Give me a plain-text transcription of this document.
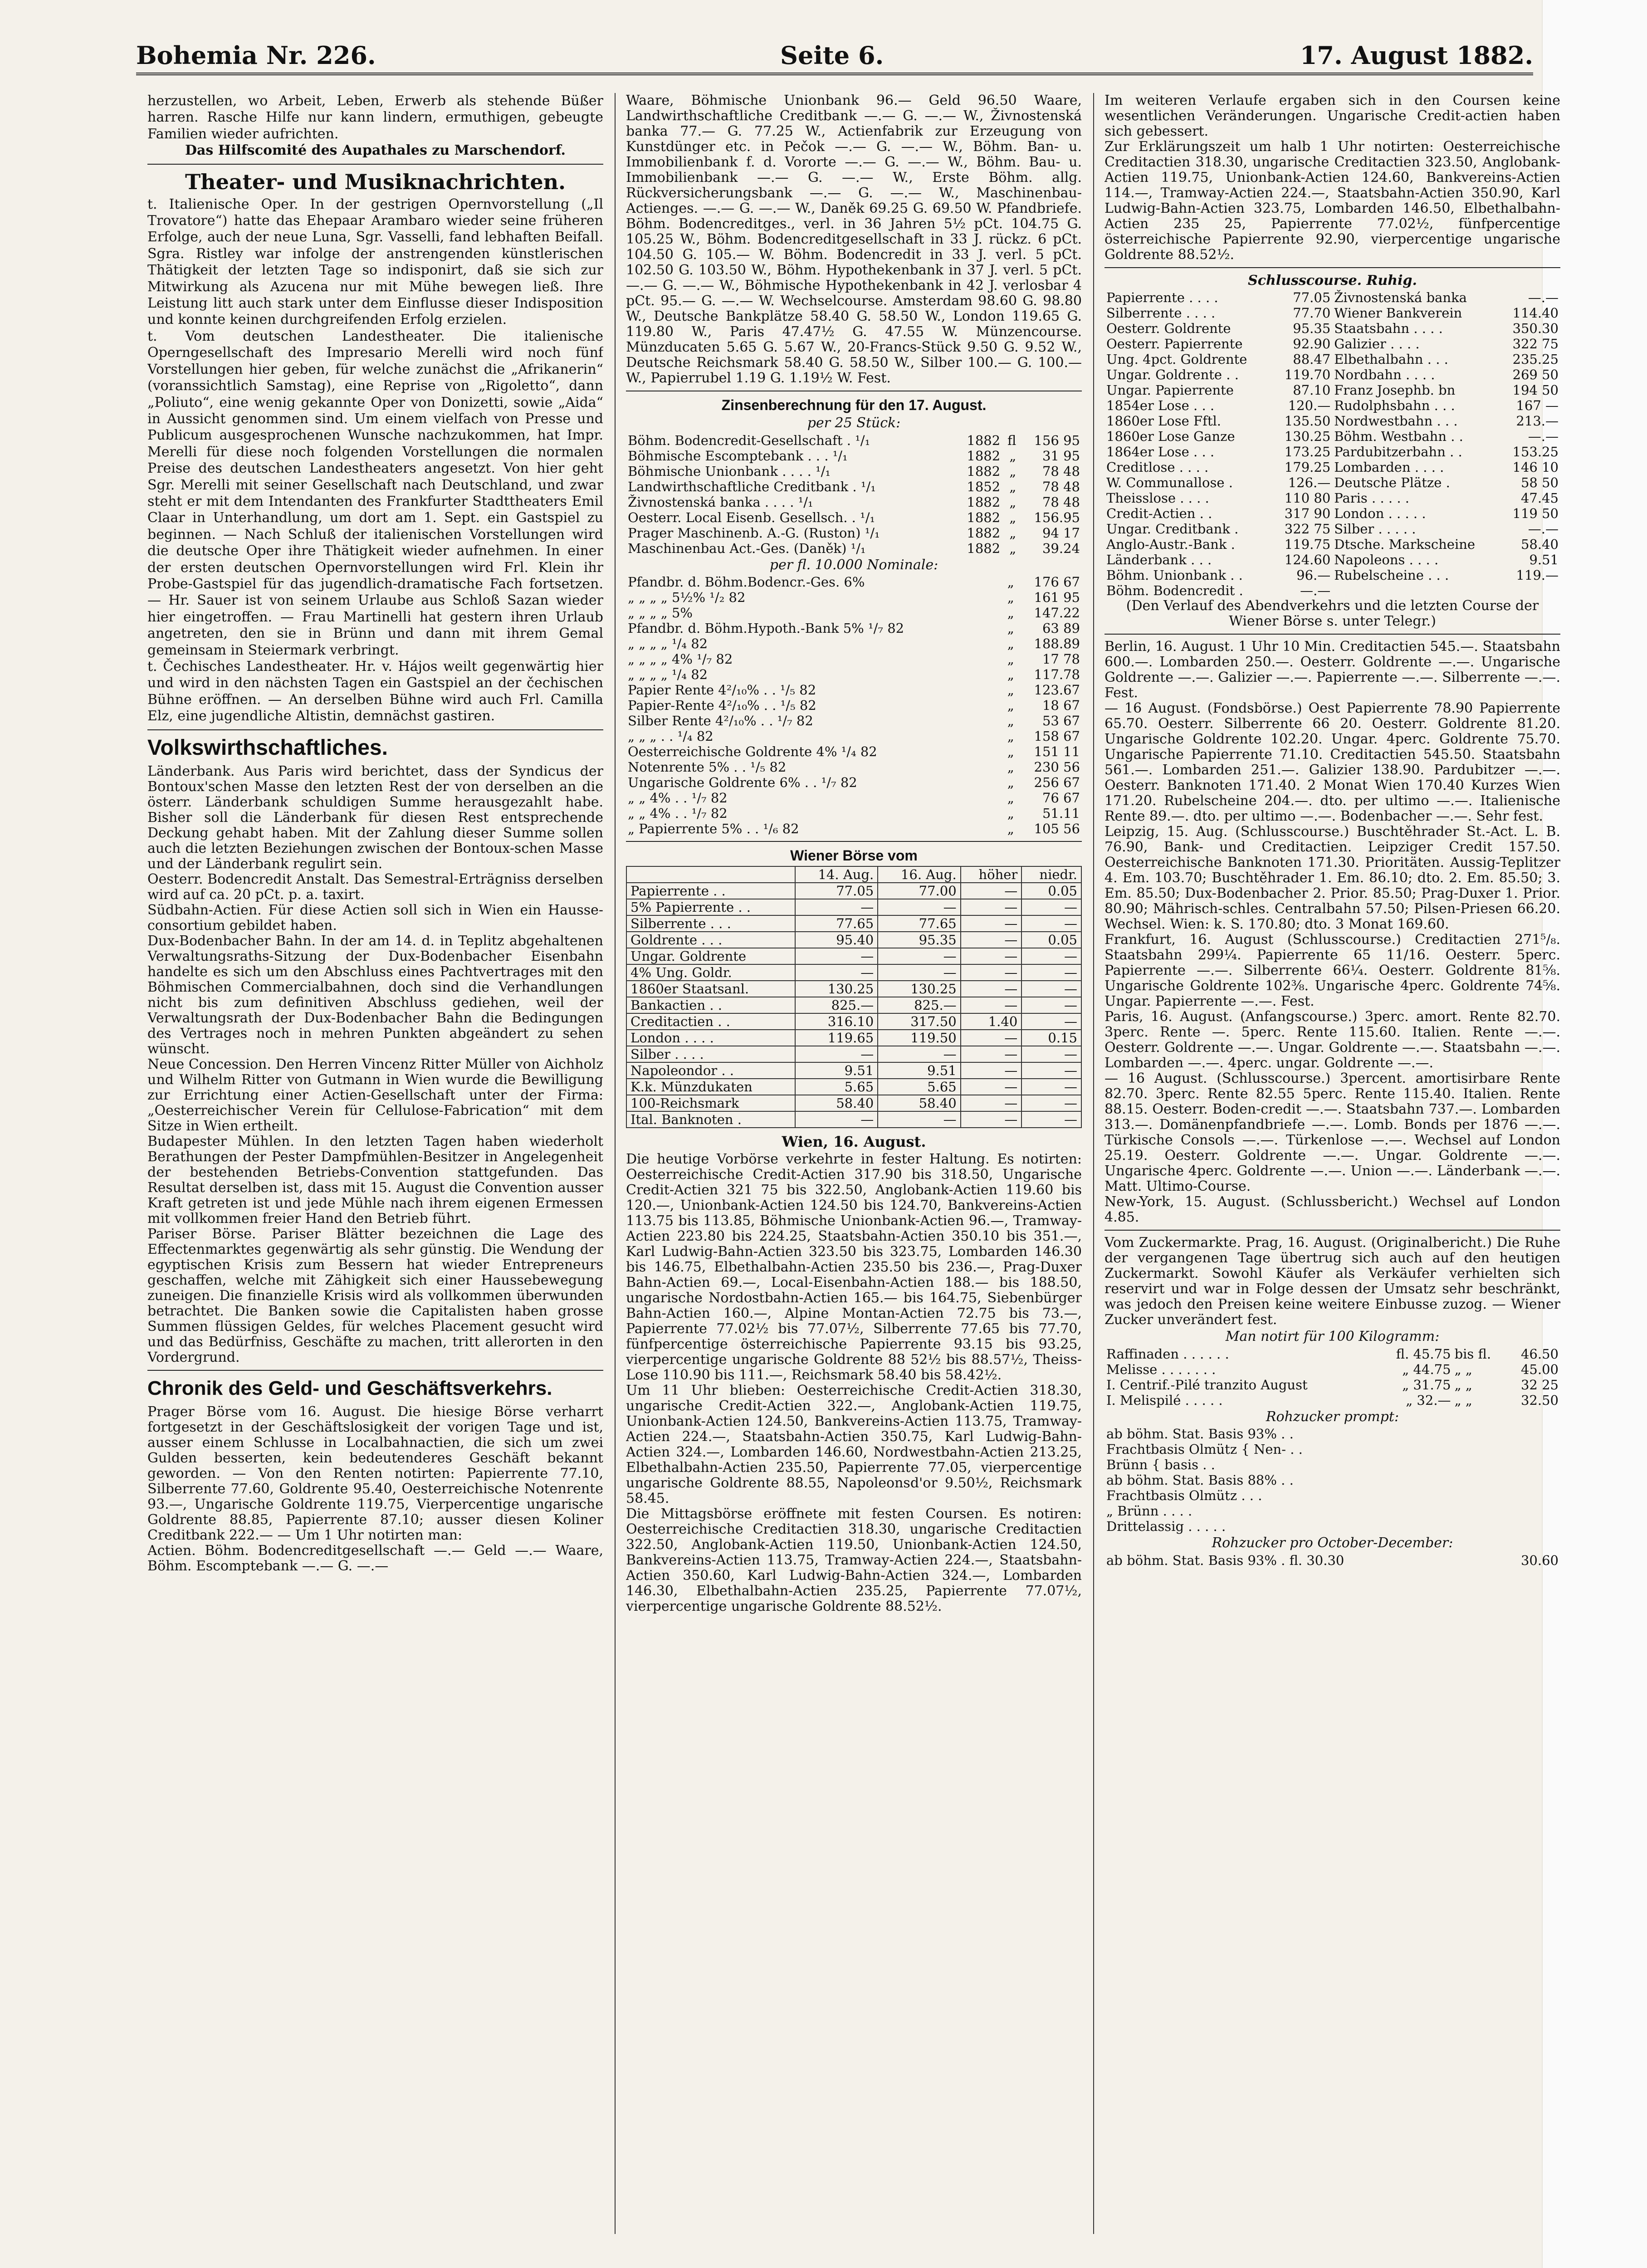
Bohemia Nr. 226.	Seite 6.	17. August 1882.

herzustellen, wo Arbeit, Leben, Erwerb als stehende Büßer harren. Rasche Hilfe nur kann lindern, ermuthigen, gebeugte Familien wieder aufrichten.

Das Hilfscomité des Aupathales zu Marschendorf.

Theater- und Musiknachrichten.

t. Italienische Oper. In der gestrigen Opernvorstellung („Il Trovatore“) hatte das Ehepaar Arambaro wieder seine früheren Erfolge, auch der neue Luna, Sgr. Vasselli, fand lebhaften Beifall. Sgra. Ristley war infolge der anstrengenden künstlerischen Thätigkeit der letzten Tage so indisponirt, daß sie sich zur Mitwirkung als Azucena nur mit Mühe bewegen ließ. Ihre Leistung litt auch stark unter dem Einflusse dieser Indisposition und konnte keinen durchgreifenden Erfolg erzielen.

t. Vom deutschen Landestheater. Die italienische Operngesellschaft des Impresario Merelli wird noch fünf Vorstellungen hier geben, für welche zunächst die „Afrikanerin“ (voranssichtlich Samstag), eine Reprise von „Rigoletto“, dann „Poliuto“, eine wenig gekannte Oper von Donizetti, sowie „Aida“ in Aussicht genommen sind. Um einem vielfach von Presse und Publicum ausgesprochenen Wunsche nachzukommen, hat Impr. Merelli für diese noch folgenden Vorstellungen die normalen Preise des deutschen Landestheaters angesetzt. Von hier geht Sgr. Merelli mit seiner Gesellschaft nach Deutschland, und zwar steht er mit dem Intendanten des Frankfurter Stadttheaters Emil Claar in Unterhandlung, um dort am 1. Sept. ein Gastspiel zu beginnen. — Nach Schluß der italienischen Vorstellungen wird die deutsche Oper ihre Thätigkeit wieder aufnehmen. In einer der ersten deutschen Opernvorstellungen wird Frl. Klein ihr Probe-Gastspiel für das jugendlich-dramatische Fach fortsetzen. — Hr. Sauer ist von seinem Urlaube aus Schloß Sazan wieder hier eingetroffen. — Frau Martinelli hat gestern ihren Urlaub angetreten, den sie in Brünn und dann mit ihrem Gemal gemeinsam in Steiermark verbringt.

t. Čechisches Landestheater. Hr. v. Hájos weilt gegenwärtig hier und wird in den nächsten Tagen ein Gastspiel an der čechischen Bühne eröffnen. — An derselben Bühne wird auch Frl. Camilla Elz, eine jugendliche Altistin, demnächst gastiren.

Volkswirthschaftliches.

Länderbank. Aus Paris wird berichtet, dass der Syndicus der Bontoux'schen Masse den letzten Rest der von derselben an die österr. Länderbank schuldigen Summe herausgezahlt habe. Bisher soll die Länderbank für diesen Rest entsprechende Deckung gehabt haben. Mit der Zahlung dieser Summe sollen auch die letzten Beziehungen zwischen der Bontoux-schen Masse und der Länderbank regulirt sein.

Oesterr. Bodencredit Anstalt. Das Semestral-Erträgniss derselben wird auf ca. 20 pCt. p. a. taxirt.

Südbahn-Actien. Für diese Actien soll sich in Wien ein Hausse-consortium gebildet haben.

Dux-Bodenbacher Bahn. In der am 14. d. in Teplitz abgehaltenen Verwaltungsraths-Sitzung der Dux-Bodenbacher Eisenbahn handelte es sich um den Abschluss eines Pachtvertrages mit den Böhmischen Commercialbahnen, doch sind die Verhandlungen nicht bis zum definitiven Abschluss gediehen, weil der Verwaltungsrath der Dux-Bodenbacher Bahn die Bedingungen des Vertrages noch in mehren Punkten abgeändert zu sehen wünscht.

Neue Concession. Den Herren Vincenz Ritter Müller von Aichholz und Wilhelm Ritter von Gutmann in Wien wurde die Bewilligung zur Errichtung einer Actien-Gesellschaft unter der Firma: „Oesterreichischer Verein für Cellulose-Fabrication“ mit dem Sitze in Wien ertheilt.

Budapester Mühlen. In den letzten Tagen haben wiederholt Berathungen der Pester Dampfmühlen-Besitzer in Angelegenheit der bestehenden Betriebs-Convention stattgefunden. Das Resultat derselben ist, dass mit 15. August die Convention ausser Kraft getreten ist und jede Mühle nach ihrem eigenen Ermessen mit vollkommen freier Hand den Betrieb führt.

Pariser Börse. Pariser Blätter bezeichnen die Lage des Effectenmarktes gegenwärtig als sehr günstig. Die Wendung der egyptischen Krisis zum Bessern hat wieder Entrepreneurs geschaffen, welche mit Zähigkeit sich einer Haussebewegung zuneigen. Die finanzielle Krisis wird als vollkommen überwunden betrachtet. Die Banken sowie die Capitalisten haben grosse Summen flüssigen Geldes, für welches Placement gesucht wird und das Bedürfniss, Geschäfte zu machen, tritt allerorten in den Vordergrund.

Chronik des Geld- und Geschäftsverkehrs.

Prager Börse vom 16. August. Die hiesige Börse verharrt fortgesetzt in der Geschäftslosigkeit der vorigen Tage und ist, ausser einem Schlusse in Localbahnactien, die sich um zwei Gulden besserten, kein bedeutenderes Geschäft bekannt geworden. — Von den Renten notirten: Papierrente 77.10, Silberrente 77.60, Goldrente 95.40, Oesterreichische Notenrente 93.—, Ungarische Goldrente 119.75, Vierpercentige ungarische Goldrente 88.85, Papierrente 87.10; ausser diesen Koliner Creditbank 222.— — Um 1 Uhr notirten man:

Actien. Böhm. Bodencreditgesellschaft —.— Geld —.— Waare, Böhm. Escomptebank —.— G. —.—

Waare, Böhmische Unionbank 96.— Geld 96.50 Waare, Landwirthschaftliche Creditbank —.— G. —.— W., Živnostenská banka 77.— G. 77.25 W., Actienfabrik zur Erzeugung von Kunstdünger etc. in Pečok —.— G. —.— W., Böhm. Ban- u. Immobilienbank f. d. Vororte —.— G. —.— W., Böhm. Bau- u. Immobilienbank —.— G. —.— W., Erste Böhm. allg. Rückversicherungsbank —.— G. —.— W., Maschinenbau-Actienges. —.— G. —.— W., Daněk 69.25 G. 69.50 W. Pfandbriefe. Böhm. Bodencreditges., verl. in 36 Jahren 5½ pCt. 104.75 G. 105.25 W., Böhm. Bodencreditgesellschaft in 33 J. rückz. 6 pCt. 104.50 G. 105.— W. Böhm. Bodencredit in 33 J. verl. 5 pCt. 102.50 G. 103.50 W., Böhm. Hypothekenbank in 37 J. verl. 5 pCt. —.— G. —.— W., Böhmische Hypothekenbank in 42 J. verlosbar 4 pCt. 95.— G. —.— W. Wechselcourse. Amsterdam 98.60 G. 98.80 W., Deutsche Bankplätze 58.40 G. 58.50 W., London 119.65 G. 119.80 W., Paris 47.47½ G. 47.55 W. Münzencourse. Münzducaten 5.65 G. 5.67 W., 20-Francs-Stück 9.50 G. 9.52 W., Deutsche Reichsmark 58.40 G. 58.50 W., Silber 100.— G. 100.— W., Papierrubel 1.19 G. 1.19½ W. Fest.

Zinsenberechnung für den 17. August.
per 25 Stück:
Böhm. Bodencredit-Gesellschaft . ¹/₁	1882	fl	156 95
Böhmische Escomptebank . . . ¹/₁	1882	„	31 95
Böhmische Unionbank . . . . ¹/₁	1882	„	78 48
Landwirthschaftliche Creditbank . ¹/₁	1852	„	78 48
Živnostenská banka . . . . ¹/₁	1882	„	78 48
Oesterr. Local Eisenb. Gesellsch. . ¹/₁	1882	„	156.95
Prager Maschinenb. A.-G. (Ruston) ¹/₁	1882	„	94 17
Maschinenbau Act.-Ges. (Daněk) ¹/₁	1882	„	39.24
per fl. 10.000 Nominale:
Pfandbr. d. Böhm.Bodencr.-Ges. 6%		„	176 67
„ „ „ „ 5½% ¹/₂ 82		„	161 95
„ „ „ „ 5%		„	147.22
Pfandbr. d. Böhm.Hypoth.-Bank 5% ¹/₇ 82		„	63 89
„ „ „ „ ¹/₄ 82		„	188.89
„ „ „ „ 4% ¹/₇ 82		„	17 78
„ „ „ „ ¹/₄ 82		„	117.78
Papier Rente 4²/₁₀% . . ¹/₅ 82		„	123.67
Papier-Rente 4²/₁₀% . . ¹/₅ 82		„	18 67
Silber Rente 4²/₁₀% . . ¹/₇ 82		„	53 67
„ „ „ . . ¹/₄ 82		„	158 67
Oesterreichische Goldrente 4% ¹/₄ 82		„	151 11
Notenrente 5% . . ¹/₅ 82		„	230 56
Ungarische Goldrente 6% . . ¹/₇ 82		„	256 67
„ „ 4% . . ¹/₇ 82		„	76 67
„ „ 4% . . ¹/₇ 82		„	51.11
„ Papierrente 5% . . ¹/₆ 82		„	105 56
Wiener Börse vom
	14. Aug.	16. Aug.	höher	niedr.
Papierrente . .	77.05	77.00	—	0.05
5% Papierrente . .	—	—	—	—
Silberrente . . .	77.65	77.65	—	—
Goldrente . . .	95.40	95.35	—	0.05
Ungar. Goldrente	—	—	—	—
4% Ung. Goldr.	—	—	—	—
1860er Staatsanl.	130.25	130.25	—	—
Bankactien . .	825.—	825.—	—	—
Creditactien . .	316.10	317.50	1.40	—
London . . . .	119.65	119.50	—	0.15
Silber . . . .	—	—	—	—
Napoleondor . .	9.51	9.51	—	—
K.k. Münzdukaten	5.65	5.65	—	—
100-Reichsmark	58.40	58.40	—	—
Ital. Banknoten .	—	—	—	—
Wien, 16. August.

Die heutige Vorbörse verkehrte in fester Haltung. Es notirten: Oesterreichische Credit-Actien 317.90 bis 318.50, Ungarische Credit-Actien 321 75 bis 322.50, Anglobank-Actien 119.60 bis 120.—, Unionbank-Actien 124.50 bis 124.70, Bankvereins-Actien 113.75 bis 113.85, Böhmische Unionbank-Actien 96.—, Tramway-Actien 223.80 bis 224.25, Staatsbahn-Actien 350.10 bis 351.—, Karl Ludwig-Bahn-Actien 323.50 bis 323.75, Lombarden 146.30 bis 146.75, Elbethalbahn-Actien 235.50 bis 236.—, Prag-Duxer Bahn-Actien 69.—, Local-Eisenbahn-Actien 188.— bis 188.50, ungarische Nordostbahn-Actien 165.— bis 164.75, Siebenbürger Bahn-Actien 160.—, Alpine Montan-Actien 72.75 bis 73.—, Papierrente 77.02½ bis 77.07½, Silberrente 77.65 bis 77.70, fünfpercentige österreichische Papierrente 93.15 bis 93.25, vierpercentige ungarische Goldrente 88 52½ bis 88.57½, Theiss-Lose 110.90 bis 111.—, Reichsmark 58.40 bis 58.42½.

Um 11 Uhr blieben: Oesterreichische Credit-Actien 318.30, ungarische Credit-Actien 322.—, Anglobank-Actien 119.75, Unionbank-Actien 124.50, Bankvereins-Actien 113.75, Tramway-Actien 224.—, Staatsbahn-Actien 350.75, Karl Ludwig-Bahn-Actien 324.—, Lombarden 146.60, Nordwestbahn-Actien 213.25, Elbethalbahn-Actien 235.50, Papierrente 77.05, vierpercentige ungarische Goldrente 88.55, Napoleonsd'or 9.50½, Reichsmark 58.45.

Die Mittagsbörse eröffnete mit festen Coursen. Es notiren: Oesterreichische Creditactien 318.30, ungarische Creditactien 322.50, Anglobank-Actien 119.50, Unionbank-Actien 124.50, Bankvereins-Actien 113.75, Tramway-Actien 224.—, Staatsbahn-Actien 350.60, Karl Ludwig-Bahn-Actien 324.—, Lombarden 146.30, Elbethalbahn-Actien 235.25, Papierrente 77.07½, vierpercentige ungarische Goldrente 88.52½.

Im weiteren Verlaufe ergaben sich in den Coursen keine wesentlichen Veränderungen. Ungarische Credit-actien haben sich gebessert.

Zur Erklärungszeit um halb 1 Uhr notirten: Oesterreichische Creditactien 318.30, ungarische Creditactien 323.50, Anglobank-Actien 119.75, Unionbank-Actien 124.60, Bankvereins-Actien 114.—, Tramway-Actien 224.—, Staatsbahn-Actien 350.90, Karl Ludwig-Bahn-Actien 323.75, Lombarden 146.50, Elbethalbahn-Actien 235 25, Papierrente 77.02½, fünfpercentige österreichische Papierrente 92.90, vierpercentige ungarische Goldrente 88.52½.

Schlusscourse. Ruhig.
Papierrente . . . .	77.05	Živnostenská banka	—.—
Silberrente . . . .	77.70	Wiener Bankverein	114.40
Oesterr. Goldrente	95.35	Staatsbahn . . . .	350.30
Oesterr. Papierrente	92.90	Galizier . . . .	322 75
Ung. 4pct. Goldrente	88.47	Elbethalbahn . . .	235.25
Ungar. Goldrente . .	119.70	Nordbahn . . . .	269 50
Ungar. Papierrente	87.10	Franz Josephb. bn	194 50
1854er Lose . . .	120.—	Rudolphsbahn . . .	167 —
1860er Lose Fftl.	135.50	Nordwestbahn . . .	213.—
1860er Lose Ganze	130.25	Böhm. Westbahn . .	—.—
1864er Lose . . .	173.25	Pardubitzerbahn . .	153.25
Creditlose . . . .	179.25	Lombarden . . . .	146 10
W. Communallose .	126.—	Deutsche Plätze .	58 50
Theisslose . . . .	110 80	Paris . . . . .	47.45
Credit-Actien . .	317 90	London . . . . .	119 50
Ungar. Creditbank .	322 75	Silber . . . . .	—.—
Anglo-Austr.-Bank .	119.75	Dtsche. Markscheine	58.40
Länderbank . . .	124.60	Napoleons . . . .	9.51
Böhm. Unionbank . .	96.—	Rubelscheine . . .	119.—
Böhm. Bodencredit .	—.—		

(Den Verlauf des Abendverkehrs und die letzten Course der Wiener Börse s. unter Telegr.)

Berlin, 16. August. 1 Uhr 10 Min. Creditactien 545.—. Staatsbahn 600.—. Lombarden 250.—. Oesterr. Goldrente —.—. Ungarische Goldrente —.—. Galizier —.—. Papierrente —.—. Silberrente —.—. Fest.

— 16 August. (Fondsbörse.) Oest Papierrente 78.90 Papierrente 65.70. Oesterr. Silberrente 66 20. Oesterr. Goldrente 81.20. Ungarische Goldrente 102.20. Ungar. 4perc. Goldrente 75.70. Ungarische Papierrente 71.10. Creditactien 545.50. Staatsbahn 561.—. Lombarden 251.—. Galizier 138.90. Pardubitzer —.—. Oesterr. Banknoten 171.40. 2 Monat Wien 170.40 Kurzes Wien 171.20. Rubelscheine 204.—. dto. per ultimo —.—. Italienische Rente 89.—. dto. per ultimo —.—. Bodenbacher —.—. Sehr fest.

Leipzig, 15. Aug. (Schlusscourse.) Buschtěhrader St.-Act. L. B. 76.90, Bank- und Creditactien. Leipziger Credit 157.50. Oesterreichische Banknoten 171.30. Prioritäten. Aussig-Teplitzer 4. Em. 103.70; Buschtěhrader 1. Em. 86.10; dto. 2. Em. 85.50; 3. Em. 85.50; Dux-Bodenbacher 2. Prior. 85.50; Prag-Duxer 1. Prior. 80.90; Mährisch-schles. Centralbahn 57.50; Pilsen-Priesen 66.20. Wechsel. Wien: k. S. 170.80; dto. 3 Monat 169.60.

Frankfurt, 16. August (Schlusscourse.) Creditactien 271⁵/₈. Staatsbahn 299¼. Papierrente 65 11/16. Oesterr. 5perc. Papierrente —.—. Silberrente 66¼. Oesterr. Goldrente 81⅝. Ungarische Goldrente 102⅜. Ungarische 4perc. Goldrente 74⅝. Ungar. Papierrente —.—. Fest.

Paris, 16. August. (Anfangscourse.) 3perc. amort. Rente 82.70. 3perc. Rente —. 5perc. Rente 115.60. Italien. Rente —.—. Oesterr. Goldrente —.—. Ungar. Goldrente —.—. Staatsbahn —.—. Lombarden —.—. 4perc. ungar. Goldrente —.—.

— 16 August. (Schlusscourse.) 3percent. amortisirbare Rente 82.70. 3perc. Rente 82.55 5perc. Rente 115.40. Italien. Rente 88.15. Oesterr. Boden-credit —.—. Staatsbahn 737.—. Lombarden 313.—. Domänenpfandbriefe —.—. Lomb. Bonds per 1876 —.—. Türkische Consols —.—. Türkenlose —.—. Wechsel auf London 25.19. Oesterr. Goldrente —.—. Ungar. Goldrente —.—. Ungarische 4perc. Goldrente —.—. Union —.—. Länderbank —.—. Matt. Ultimo-Course.

New-York, 15. August. (Schlussbericht.) Wechsel auf London 4.85.

Vom Zuckermarkte. Prag, 16. August. (Originalbericht.) Die Ruhe der vergangenen Tage übertrug sich auch auf den heutigen Zuckermarkt. Sowohl Käufer als Verkäufer verhielten sich reservirt und war in Folge dessen der Umsatz sehr beschränkt, was jedoch den Preisen keine weitere Einbusse zuzog. — Wiener Zucker unverändert fest.

Man notirt für 100 Kilogramm:
Raffinaden . . . . . .	fl. 45.75	bis fl.	46.50
Melisse . . . . . . .	„ 44.75	„ „	45.00
I. Centrif.-Pilé tranzito August	„ 31.75	„ „	32 25
I. Melispilé . . . . .	„ 32.—	„ „	32.50
Rohzucker prompt:
ab böhm. Stat. Basis 93% . .			
Frachtbasis Olmütz { Nen- . .			
Brünn { basis . .			
ab böhm. Stat. Basis 88% . .			
Frachtbasis Olmütz . . .			
„ Brünn . . . .			
Drittelassig . . . . .			
Rohzucker pro October-December:
ab böhm. Stat. Basis 93% . fl. 30.30			30.60
